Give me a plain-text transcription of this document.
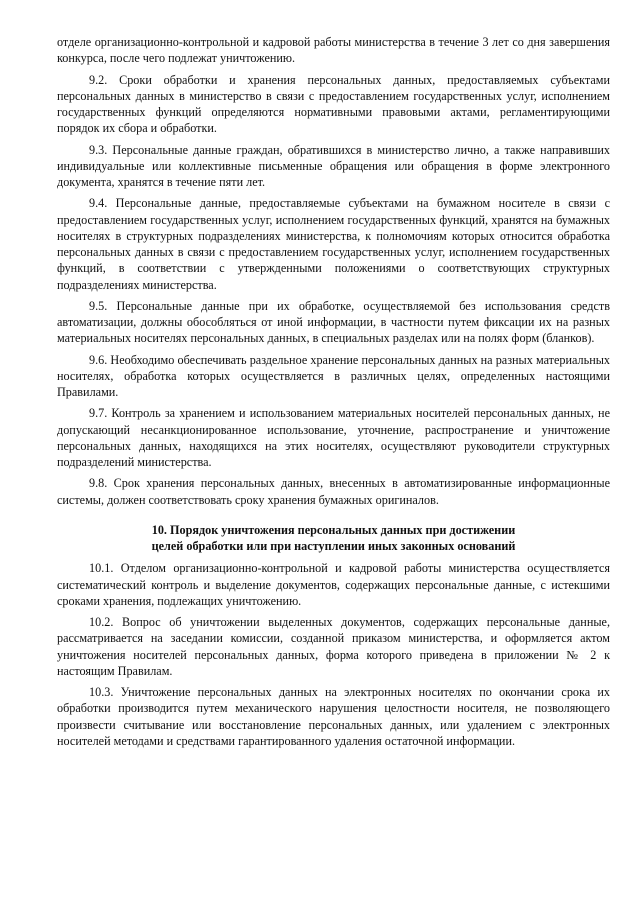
отделе организационно-контрольной и кадровой работы министерства в течение 3 лет со дня завершения конкурса, после чего подлежат уничтожению.

9.2. Сроки обработки и хранения персональных данных, предоставляемых субъектами персональных данных в министерство в связи с предоставлением государственных услуг, исполнением государственных функций определяются нормативными правовыми актами, регламентирующими порядок их сбора и обработки.

9.3. Персональные данные граждан, обратившихся в министерство лично, а также направивших индивидуальные или коллективные письменные обращения или обращения в форме электронного документа, хранятся в течение пяти лет.

9.4. Персональные данные, предоставляемые субъектами на бумажном носителе в связи с предоставлением государственных услуг, исполнением государственных функций, хранятся на бумажных носителях в структурных подразделениях министерства, к полномочиям которых относится обработка персональных данных в связи с предоставлением государственных услуг, исполнением государственных функций, в соответствии с утвержденными положениями о соответствующих структурных подразделениях министерства.

9.5. Персональные данные при их обработке, осуществляемой без использования средств автоматизации, должны обособляться от иной информации, в частности путем фиксации их на разных материальных носителях персональных данных, в специальных разделах или на полях форм (бланков).

9.6. Необходимо обеспечивать раздельное хранение персональных данных на разных материальных носителях, обработка которых осуществляется в различных целях, определенных настоящими Правилами.

9.7. Контроль за хранением и использованием материальных носителей персональных данных, не допускающий несанкционированное использование, уточнение, распространение и уничтожение персональных данных, находящихся на этих носителях, осуществляют руководители структурных подразделений министерства.

9.8. Срок хранения персональных данных, внесенных в автоматизированные информационные системы, должен соответствовать сроку хранения бумажных оригиналов.

10. Порядок уничтожения персональных данных при достижении
целей обработки или при наступлении иных законных оснований

10.1. Отделом организационно-контрольной и кадровой работы министерства осуществляется систематический контроль и выделение документов, содержащих персональные данные, с истекшими сроками хранения, подлежащих уничтожению.

10.2. Вопрос об уничтожении выделенных документов, содержащих персональные данные, рассматривается на заседании комиссии, созданной приказом министерства, и оформляется актом уничтожения носителей персональных данных, форма которого приведена в приложении № 2 к настоящим Правилам.

10.3. Уничтожение персональных данных на электронных носителях по окончании срока их обработки производится путем механического нарушения целостности носителя, не позволяющего произвести считывание или восстановление персональных данных, или удалением с электронных носителей методами и средствами гарантированного удаления остаточной информации.
